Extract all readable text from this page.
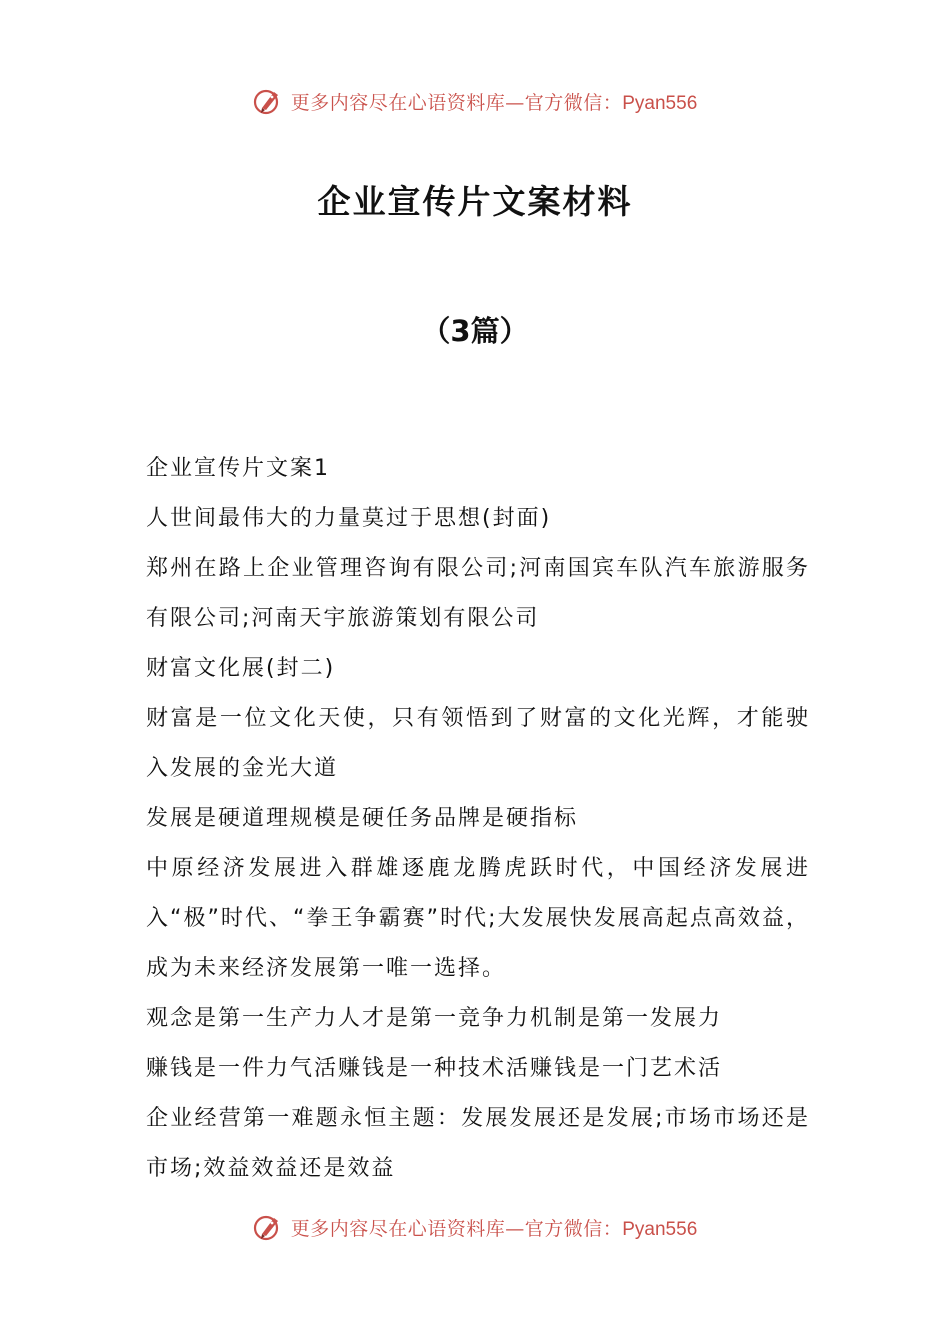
更多内容尽在心语资料库—官方微信：Pyan556
企业宣传片文案材料
（3篇）

企业宣传片文案1

人世间最伟大的力量莫过于思想(封面)

郑州在路上企业管理咨询有限公司;河南国宾车队汽车旅游服务有限公司;河南天宇旅游策划有限公司

财富文化展(封二)

财富是一位文化天使，只有领悟到了财富的文化光辉，才能驶入发展的金光大道

发展是硬道理规模是硬任务品牌是硬指标

中原经济发展进入群雄逐鹿龙腾虎跃时代，中国经济发展进入“极”时代、“拳王争霸赛”时代;大发展快发展高起点高效益，成为未来经济发展第一唯一选择。

观念是第一生产力人才是第一竞争力机制是第一发展力

赚钱是一件力气活赚钱是一种技术活赚钱是一门艺术活

企业经营第一难题永恒主题：发展发展还是发展;市场市场还是市场;效益效益还是效益

更多内容尽在心语资料库—官方微信：Pyan556
